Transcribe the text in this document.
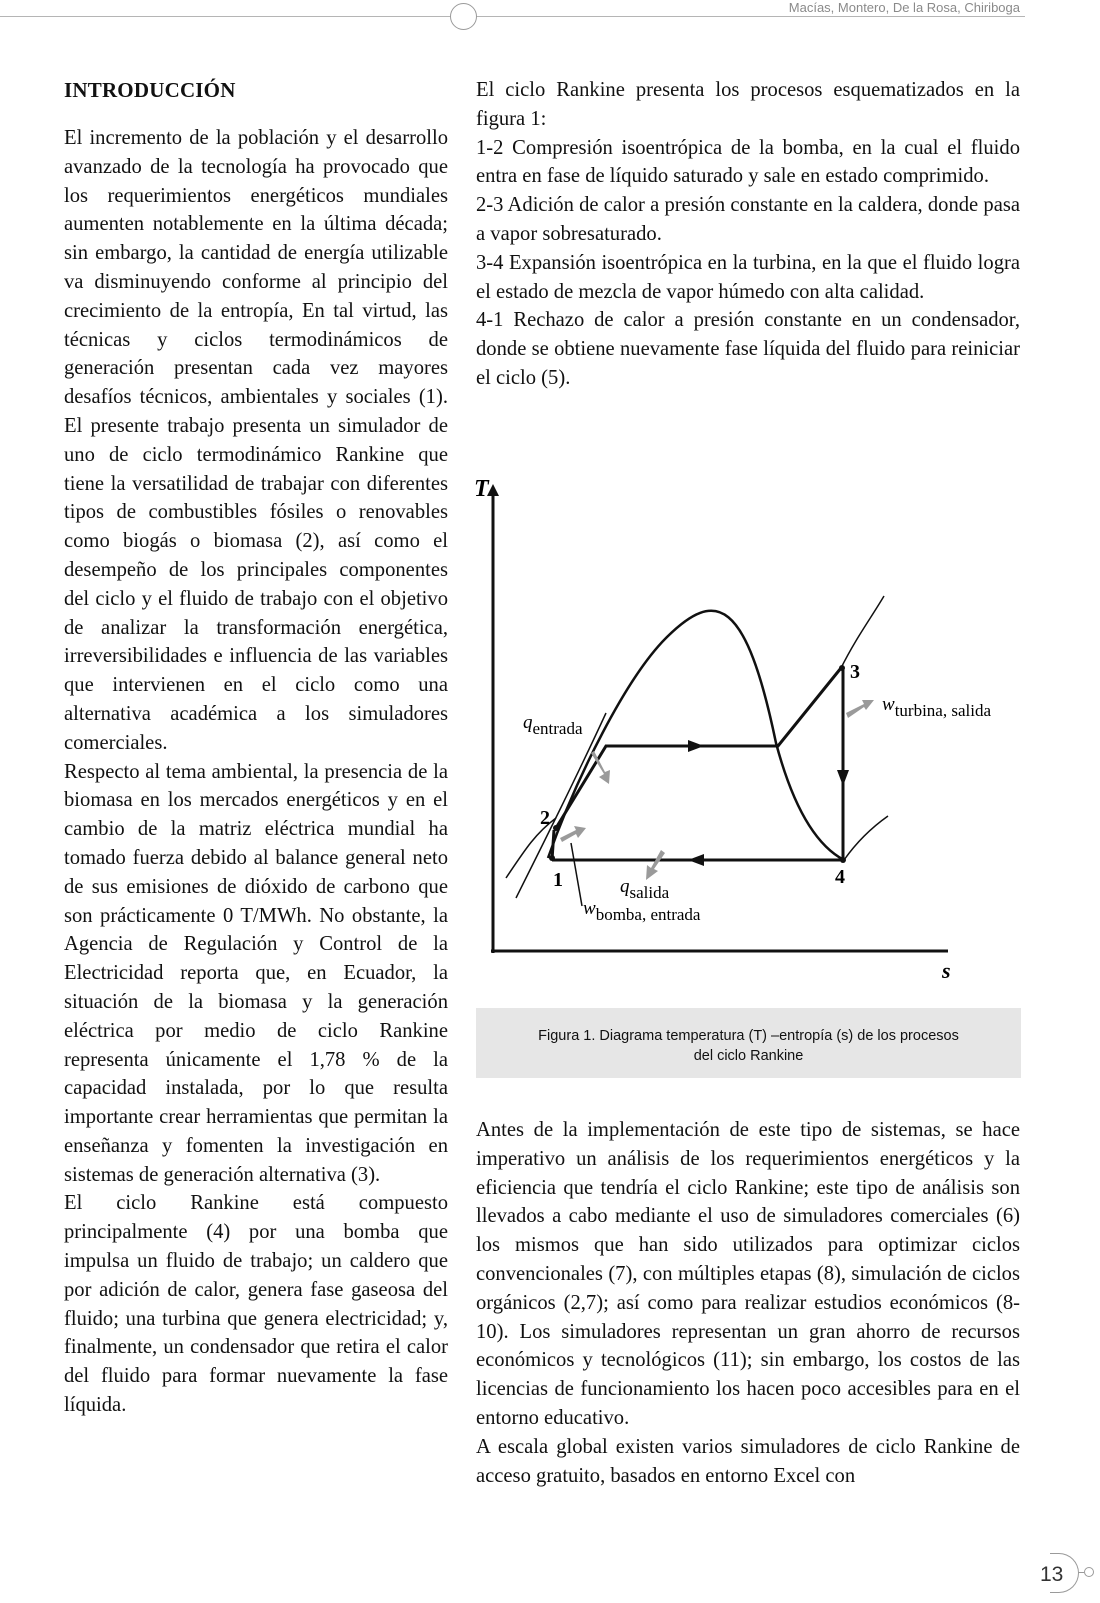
Macías, Montero, De la Rosa, Chiriboga
INTRODUCCIÓN

El incremento de la población y el desarrollo avanzado de la tecnología ha provocado que los requerimientos energéticos mundiales aumenten notablemente en la última década; sin embargo, la cantidad de energía utilizable va disminuyendo conforme al principio del crecimiento de la entropía, En tal virtud, las técnicas y ciclos termodinámicos de generación presentan cada vez mayores desafíos técnicos, ambientales y sociales (1). El presente trabajo presenta un simulador de uno de ciclo termodinámico Rankine que tiene la versatilidad de trabajar con diferentes tipos de combustibles fósiles o renovables como biogás o biomasa (2), así como el desempeño de los principales componentes del ciclo y el fluido de trabajo con el objetivo de analizar la transformación energética, irreversibilidades e influencia de las variables que intervienen en el ciclo como una alternativa académica a los simuladores comerciales.

Respecto al tema ambiental, la presencia de la biomasa en los mercados energéticos y en el cambio de la matriz eléctrica mundial ha tomado fuerza debido al balance general neto de sus emisiones de dióxido de carbono que son prácticamente 0 T/MWh. No obstante, la Agencia de Regulación y Control de la Electricidad reporta que, en Ecuador, la situación de la biomasa y la generación eléctrica por medio de ciclo Rankine representa únicamente el 1,78 % de la capacidad instalada, por lo que resulta importante crear herramientas que permitan la enseñanza y fomenten la investigación en sistemas de generación alternativa (3).

El ciclo Rankine está compuesto principalmente (4) por una bomba que impulsa un fluido de trabajo; un caldero que por adición de calor, genera fase gaseosa del fluido; una turbina que genera electricidad; y, finalmente, un condensador que retira el calor del fluido para formar nuevamente la fase líquida.

El ciclo Rankine presenta los procesos esquematizados en la figura 1:

1-2 Compresión isoentrópica de la bomba, en la cual el fluido entra en fase de líquido saturado y sale en estado comprimido.

2-3 Adición de calor a presión constante en la caldera, donde pasa a vapor sobresaturado.

3-4 Expansión isoentrópica en la turbina, en la que el fluido logra el estado de mezcla de vapor húmedo con alta calidad.

4-1 Rechazo de calor a presión constante en un condensador, donde se obtiene nuevamente fase líquida del fluido para reiniciar el ciclo (5).

T
s
1
2
3
4
qentrada
wturbina, salida
qsalida
wbomba, entrada
Figura 1. Diagrama temperatura (T) –entropía (s) de los procesos
del ciclo Rankine

Antes de la implementación de este tipo de sistemas, se hace imperativo un análisis de los requerimientos energéticos y la eficiencia que tendría el ciclo Rankine; este tipo de análisis son llevados a cabo mediante el uso de simuladores comerciales (6) los mismos que han sido utilizados para optimizar ciclos convencionales (7), con múltiples etapas (8), simulación de ciclos orgánicos (2,7); así como para realizar estudios económicos (8-10). Los simuladores representan un gran ahorro de recursos económicos y tecnológicos (11); sin embargo, los costos de las licencias de funcionamiento los hacen poco accesibles para en el entorno educativo.

A escala global existen varios simuladores de ciclo Rankine de acceso gratuito, basados en entorno Excel con

13
